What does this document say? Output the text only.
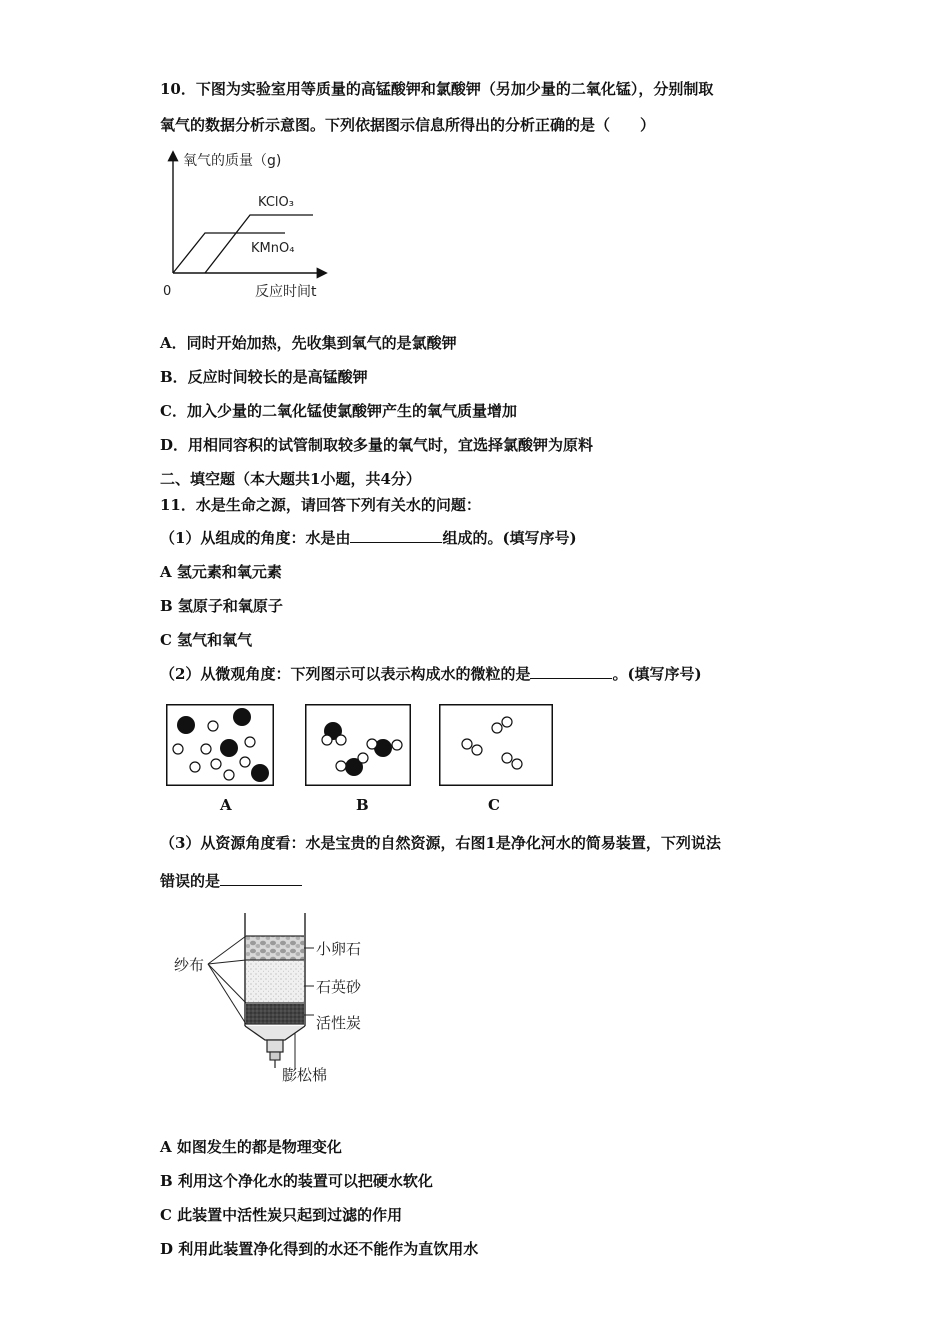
10．下图为实验室用等质量的高锰酸钾和氯酸钾（另加少量的二氧化锰），分别制取
氧气的数据分析示意图。下列依据图示信息所得出的分析正确的是（　　）
氧气的质量（g)
0	反应时间t
KClO₃
KMnO₄
A．同时开始加热，先收集到氧气的是氯酸钾
B．反应时间较长的是高锰酸钾
C．加入少量的二氧化锰使氯酸钾产生的氧气质量增加
D．用相同容积的试管制取较多量的氧气时，宜选择氯酸钾为原料
二、填空题（本大题共1小题，共4分）
11．水是生命之源，请回答下列有关水的问题：
（1）从组成的角度：水是由	组成的。(填写序号)
A 氢元素和氧元素
B 氢原子和氧原子
C 氢气和氧气
（2）从微观角度：下列图示可以表示构成水的微粒的是	。(填写序号)
A	B	C
（3）从资源角度看：水是宝贵的自然资源，右图1是净化河水的简易装置，下列说法
错误的是
纱布
小卵石
石英砂
活性炭
膨松棉
A 如图发生的都是物理变化
B 利用这个净化水的装置可以把硬水软化
C 此装置中活性炭只起到过滤的作用
D 利用此装置净化得到的水还不能作为直饮用水
